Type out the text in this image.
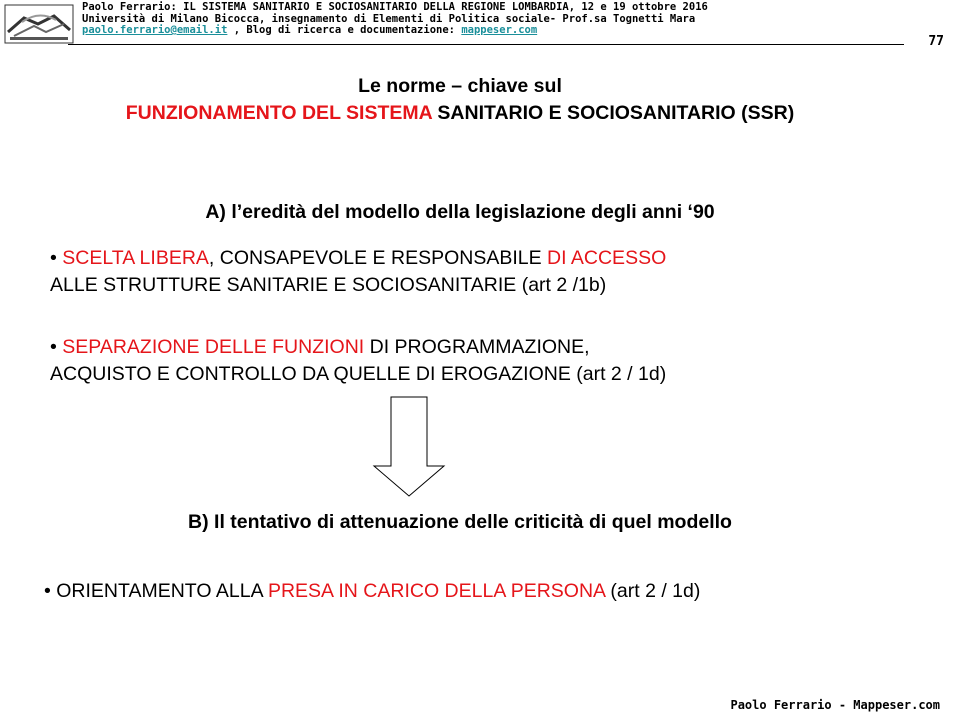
Paolo Ferrario: IL SISTEMA SANITARIO E SOCIOSANITARIO DELLA REGIONE LOMBARDIA, 12 e 19 ottobre 2016
Università di Milano Bicocca, insegnamento di Elementi di Politica sociale- Prof.sa Tognetti Mara
paolo.ferrario@email.it , Blog di ricerca e documentazione: mappeser.com
77
Le norme – chiave sul
FUNZIONAMENTO DEL SISTEMA SANITARIO E SOCIOSANITARIO (SSR)
A) l’eredità del modello della legislazione degli anni ‘90
• SCELTA LIBERA, CONSAPEVOLE E RESPONSABILE DI ACCESSO
ALLE STRUTTURE SANITARIE E SOCIOSANITARIE (art 2 /1b)
• SEPARAZIONE DELLE FUNZIONI DI PROGRAMMAZIONE,
ACQUISTO E CONTROLLO DA QUELLE DI EROGAZIONE (art 2 / 1d)
B) Il tentativo di attenuazione delle criticità di quel modello
• ORIENTAMENTO ALLA PRESA IN CARICO DELLA PERSONA (art 2 / 1d)
Paolo Ferrario - Mappeser.com
